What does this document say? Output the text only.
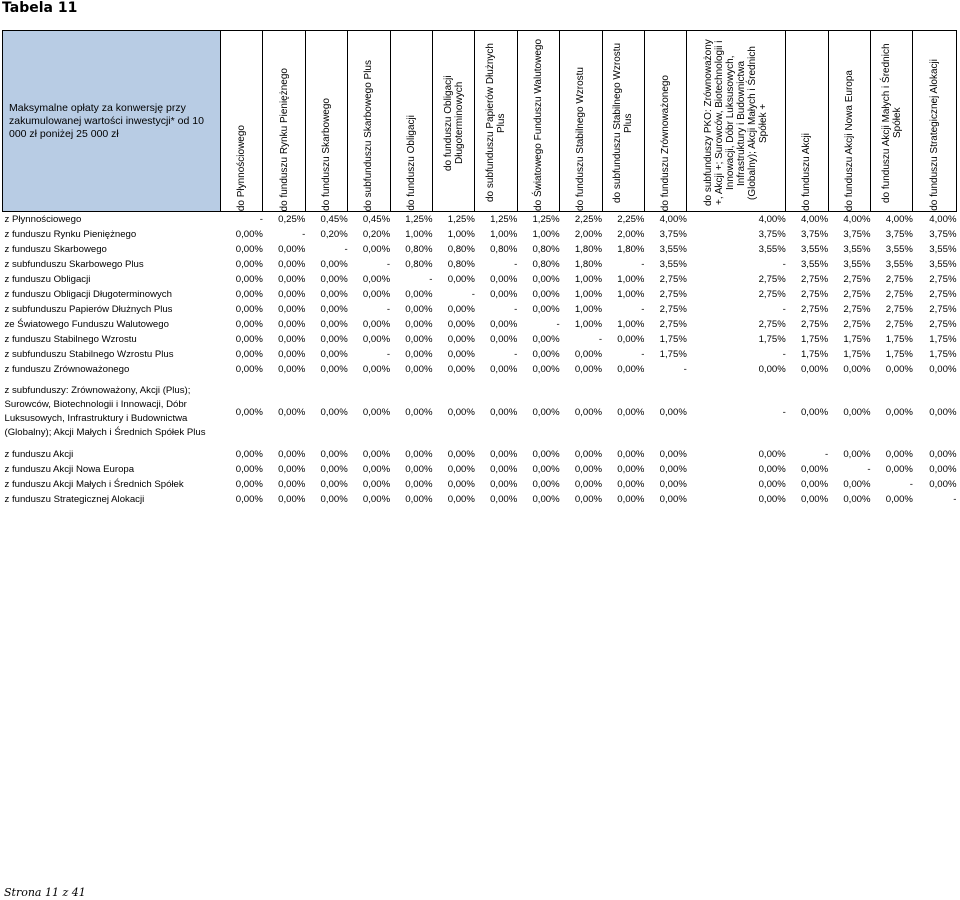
Tabela 11
Maksymalne opłaty za konwersję przy zakumulowanej wartości inwestycji* od 10 000 zł poniżej 25 000 zł	do Płynnościowego	do funduszu Rynku Pieniężnego	do funduszu Skarbowego	do subfunduszu Skarbowego Plus	do funduszu Obligacji	do funduszu Obligacji Długoterminowych	do subfunduszu Papierów Dłużnych Plus	do Światowego Funduszu Walutowego	do funduszu Stabilnego Wzrostu	do subfunduszu Stabilnego Wzrostu Plus	do funduszu Zrównoważonego	do subfunduszy PKO: Zrównoważony +, Akcji +; Surowców, Biotechnologii i Innowacji, Dóbr Luksusowych, Infrastruktury i Budownictwa (Globalny); Akcji Małych i Średnich Spółek +	do funduszu Akcji	do funduszu Akcji Nowa Europa	do funduszu Akcji Małych i Średnich Spółek	do funduszu Strategicznej Alokacji

z Płynnościowego	-	0,25%	0,45%	0,45%	1,25%	1,25%	1,25%	1,25%	2,25%	2,25%	4,00%	4,00%	4,00%	4,00%	4,00%	4,00%
z funduszu Rynku Pieniężnego	0,00%	-	0,20%	0,20%	1,00%	1,00%	1,00%	1,00%	2,00%	2,00%	3,75%	3,75%	3,75%	3,75%	3,75%	3,75%
z funduszu Skarbowego	0,00%	0,00%	-	0,00%	0,80%	0,80%	0,80%	0,80%	1,80%	1,80%	3,55%	3,55%	3,55%	3,55%	3,55%	3,55%
z subfunduszu Skarbowego Plus	0,00%	0,00%	0,00%	-	0,80%	0,80%	-	0,80%	1,80%	-	3,55%	-	3,55%	3,55%	3,55%	3,55%
z funduszu Obligacji	0,00%	0,00%	0,00%	0,00%	-	0,00%	0,00%	0,00%	1,00%	1,00%	2,75%	2,75%	2,75%	2,75%	2,75%	2,75%
z funduszu Obligacji Długoterminowych	0,00%	0,00%	0,00%	0,00%	0,00%	-	0,00%	0,00%	1,00%	1,00%	2,75%	2,75%	2,75%	2,75%	2,75%	2,75%
z subfunduszu Papierów Dłużnych Plus	0,00%	0,00%	0,00%	-	0,00%	0,00%	-	0,00%	1,00%	-	2,75%	-	2,75%	2,75%	2,75%	2,75%
ze Światowego Funduszu Walutowego	0,00%	0,00%	0,00%	0,00%	0,00%	0,00%	0,00%	-	1,00%	1,00%	2,75%	2,75%	2,75%	2,75%	2,75%	2,75%
z funduszu Stabilnego Wzrostu	0,00%	0,00%	0,00%	0,00%	0,00%	0,00%	0,00%	0,00%	-	0,00%	1,75%	1,75%	1,75%	1,75%	1,75%	1,75%
z subfunduszu Stabilnego Wzrostu Plus	0,00%	0,00%	0,00%	-	0,00%	0,00%	-	0,00%	0,00%	-	1,75%	-	1,75%	1,75%	1,75%	1,75%
z funduszu Zrównoważonego	0,00%	0,00%	0,00%	0,00%	0,00%	0,00%	0,00%	0,00%	0,00%	0,00%	-	0,00%	0,00%	0,00%	0,00%	0,00%
z subfunduszy: Zrównoważony, Akcji (Plus); Surowców, Biotechnologii i Innowacji, Dóbr Luksusowych, Infrastruktury i Budownictwa (Globalny); Akcji Małych i Średnich Spółek Plus	0,00%	0,00%	0,00%	0,00%	0,00%	0,00%	0,00%	0,00%	0,00%	0,00%	0,00%	-	0,00%	0,00%	0,00%	0,00%
z funduszu Akcji	0,00%	0,00%	0,00%	0,00%	0,00%	0,00%	0,00%	0,00%	0,00%	0,00%	0,00%	0,00%	-	0,00%	0,00%	0,00%
z funduszu Akcji Nowa Europa	0,00%	0,00%	0,00%	0,00%	0,00%	0,00%	0,00%	0,00%	0,00%	0,00%	0,00%	0,00%	0,00%	-	0,00%	0,00%
z funduszu Akcji Małych i Średnich Spółek	0,00%	0,00%	0,00%	0,00%	0,00%	0,00%	0,00%	0,00%	0,00%	0,00%	0,00%	0,00%	0,00%	0,00%	-	0,00%
z funduszu Strategicznej Alokacji	0,00%	0,00%	0,00%	0,00%	0,00%	0,00%	0,00%	0,00%	0,00%	0,00%	0,00%	0,00%	0,00%	0,00%	0,00%	-
Strona 11 z 41
